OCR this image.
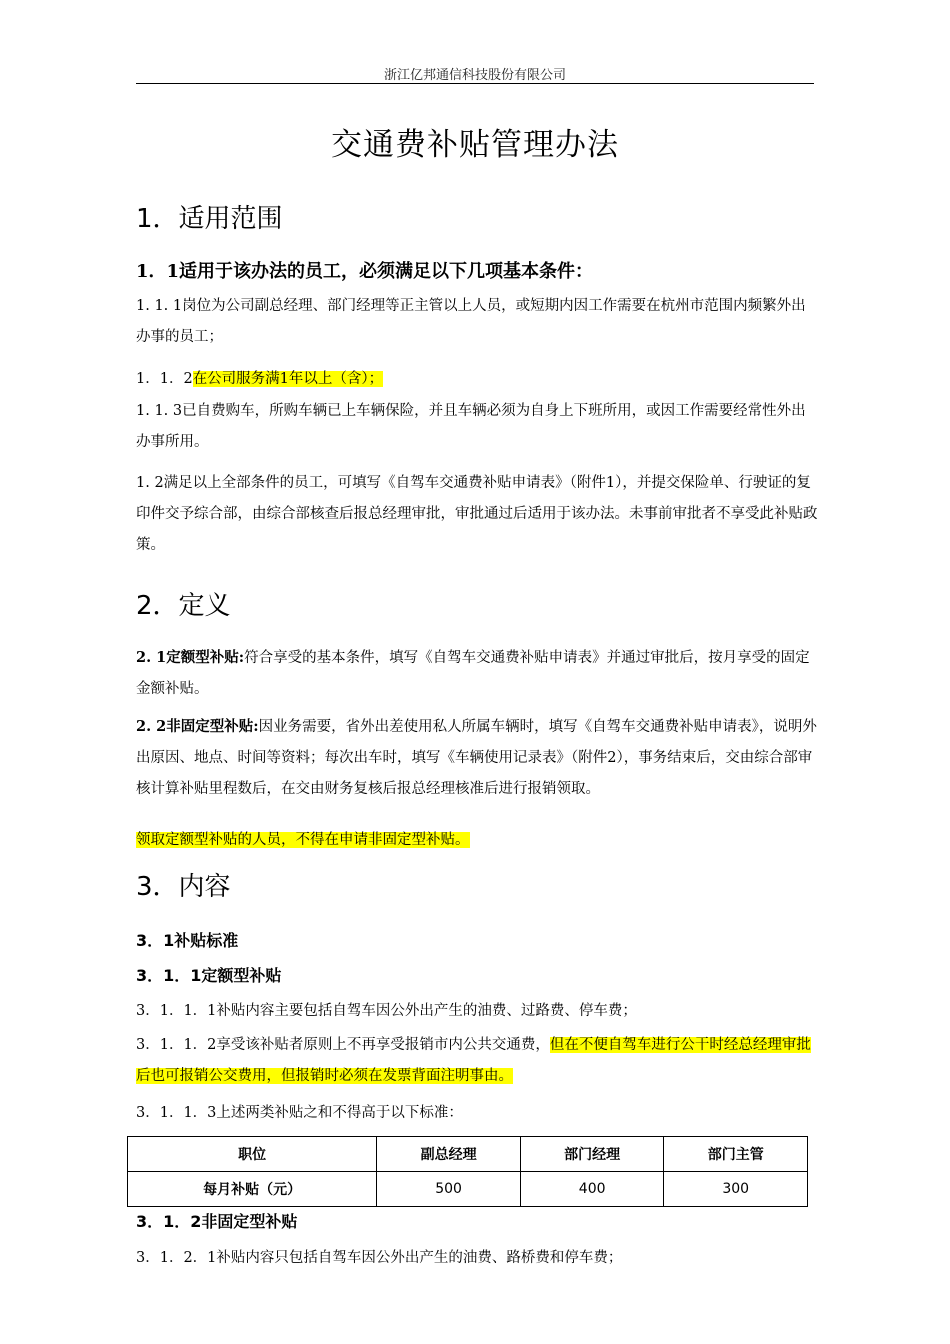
浙江亿邦通信科技股份有限公司
交通费补贴管理办法
1．适用范围
1．1适用于该办法的员工，必须满足以下几项基本条件：
1. 1. 1岗位为公司副总经理、部门经理等正主管以上人员，或短期内因工作需要在杭州市范围内频繁外出办事的员工；
1．1．2在公司服务满1年以上（含）；
1. 1. 3已自费购车，所购车辆已上车辆保险，并且车辆必须为自身上下班所用，或因工作需要经常性外出办事所用。
1. 2满足以上全部条件的员工，可填写《自驾车交通费补贴申请表》（附件1），并提交保险单、行驶证的复印件交予综合部，由综合部核查后报总经理审批，审批通过后适用于该办法。未事前审批者不享受此补贴政策。
2．定义
2. 1定额型补贴:符合享受的基本条件，填写《自驾车交通费补贴申请表》并通过审批后，按月享受的固定金额补贴。
2. 2非固定型补贴:因业务需要，省外出差使用私人所属车辆时，填写《自驾车交通费补贴申请表》，说明外出原因、地点、时间等资料；每次出车时，填写《车辆使用记录表》（附件2），事务结束后，交由综合部审核计算补贴里程数后，在交由财务复核后报总经理核准后进行报销领取。
领取定额型补贴的人员，不得在申请非固定型补贴。
3．内容
3．1补贴标准
3．1．1定额型补贴
3．1．1．1补贴内容主要包括自驾车因公外出产生的油费、过路费、停车费；
3．1．1．2享受该补贴者原则上不再享受报销市内公共交通费，但在不便自驾车进行公干时经总经理审批后也可报销公交费用，但报销时必须在发票背面注明事由。
3．1．1．3上述两类补贴之和不得高于以下标准：
职位	副总经理	部门经理	部门主管
每月补贴（元）	500	400	300
3．1．2非固定型补贴
3．1．2．1补贴内容只包括自驾车因公外出产生的油费、路桥费和停车费；
